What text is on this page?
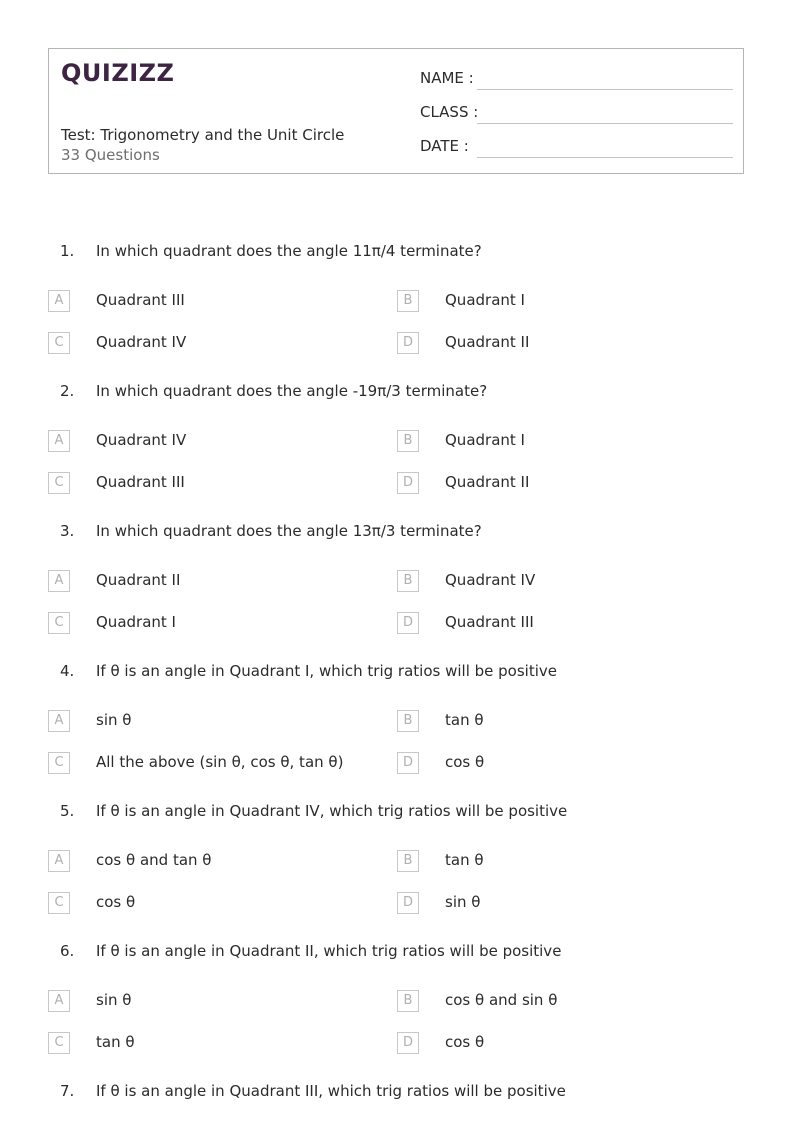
QUIZIZZ
Test: Trigonometry and the Unit Circle
33 Questions
NAME :
CLASS :
DATE :
1. In which quadrant does the angle 11π/4 terminate?
A	Quadrant III	B	Quadrant I
C	Quadrant IV	D	Quadrant II
2. In which quadrant does the angle -19π/3 terminate?
A	Quadrant IV	B	Quadrant I
C	Quadrant III	D	Quadrant II
3. In which quadrant does the angle 13π/3 terminate?
A	Quadrant II	B	Quadrant IV
C	Quadrant I	D	Quadrant III
4. If θ is an angle in Quadrant I, which trig ratios will be positive
A	sin θ	B	tan θ
C	All the above (sin θ, cos θ, tan θ)	D	cos θ
5. If θ is an angle in Quadrant IV, which trig ratios will be positive
A	cos θ and tan θ	B	tan θ
C	cos θ	D	sin θ
6. If θ is an angle in Quadrant II, which trig ratios will be positive
A	sin θ	B	cos θ and sin θ
C	tan θ	D	cos θ
7. If θ is an angle in Quadrant III, which trig ratios will be positive
